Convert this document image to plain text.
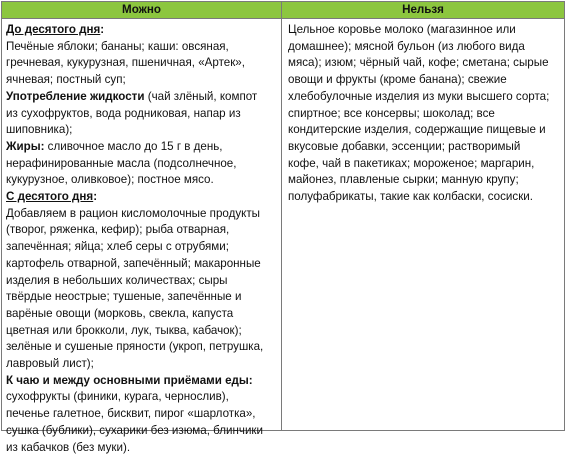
Можно	Нельзя
До десятого дня:
Печёные яблоки; бананы; каши: овсяная,
гречневая, кукурузная, пшеничная, «Артек»,
ячневая; постный суп;
Употребление жидкости (чай злёный, компот
из сухофруктов, вода родниковая, напар из
шиповника);
Жиры: сливочное масло до 15 г в день,
нерафинированные масла (подсолнечное,
кукурузное, оливковое); постное мясо.
С десятого дня:
Добавляем в рацион кисломолочные продукты
(творог, ряженка, кефир); рыба отварная,
запечённая; яйца; хлеб серы с отрубями;
картофель отварной, запечённый; макаронные
изделия в небольших количествах; сыры
твёрдые неострые; тушеные, запечённые и
варёные овощи (морковь, свекла, капуста
цветная или брокколи, лук, тыква, кабачок);
зелёные и сушеные пряности (укроп, петрушка,
лавровый лист);
К чаю и между основными приёмами еды:
сухофрукты (финики, курага, чернослив),
печенье галетное, бисквит, пирог «шарлотка»,
сушка (бублики), сухарики без изюма, блинчики
из кабачков (без муки).
Цельное коровье молоко (магазинное или
домашнее); мясной бульон (из любого вида
мяса); изюм; чёрный чай, кофе; сметана; сырые
овощи и фрукты (кроме банана); свежие
хлебобулочные изделия из муки высшего сорта;
спиртное; все консервы; шоколад; все
кондитерские изделия, содержащие пищевые и
вкусовые добавки, эссенции; растворимый
кофе, чай в пакетиках; мороженое; маргарин,
майонез, плавленые сырки; манную крупу;
полуфабрикаты, такие как колбаски, сосиски.
